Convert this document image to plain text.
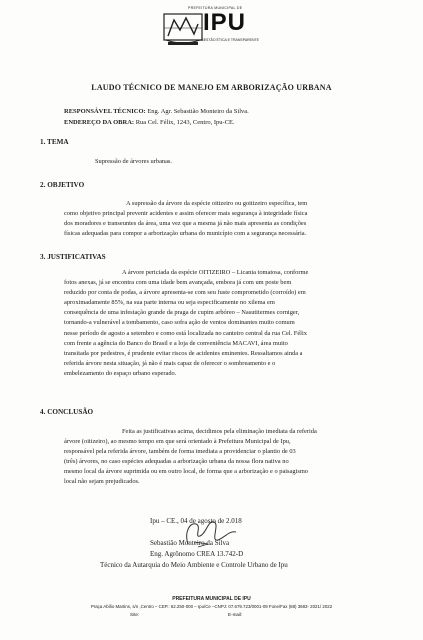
PREFEITURA MUNICIPAL DE
IPU
GESTÃO ÉTICA E TRANSPARENTE
LAUDO TÉCNICO DE MANEJO EM ARBORIZAÇÃO URBANA
RESPONSÁVEL TÉCNICO: Eng. Agr. Sebastião Monteiro da Silva.
ENDEREÇO DA OBRA: Rua Cel. Félix, 1243, Centro, Ipu-CE.
1. TEMA
Supressão de árvores urbanas.
2. OBJETIVO
A supressão da árvore da espécie oitizeiro ou goitizeiro específica, tem
como objetivo principal prevenir acidentes e assim oferecer mais segurança à integridade física
dos moradores e transeuntes da área, uma vez que a mesma já não mais apresenta as condições
físicas adequadas para compor a arborização urbana do município com a segurança necessária.
3. JUSTIFICATIVAS
A árvore periciada da espécie OITIZEIRO – Licania tomatosa, conforme
fotos anexas, já se encontra com uma idade bem avançada, embora já com um poste bem
reduzido por conta de podas, a árvore apresenta-se com seu fuste comprometido (corroído) em
aproximadamente 85%, na sua parte interna ou seja especificamente no xilema em
consequência de uma infestação grande da praga de cupim arbóreo – Nasutitermes corniger,
tornando-a vulnerável a tombamento, caso sofra ação de ventos dominantes muito comum
nesse período de agosto a setembro e como está localizada no canteiro central da rua Cel. Félix
com frente a agência do Banco do Brasil e a loja de conveniência MACAVI, área muito
transitada por pedestres, é prudente evitar riscos de acidentes eminentes. Ressaltamos ainda a
referida árvore nesta situação, já não é mais capaz de oferecer o sombreamento e o
embelezamento do espaço urbano esperado.
4. CONCLUSÃO
Feita as justificativas acima, decidimos pela eliminação imediata da referida
árvore (oitizeiro), ao mesmo tempo em que será orientado à Prefeitura Municipal de Ipu,
responsável pela referida árvore, também de forma imediata a providenciar o plantio de 03
(três) árvores, no caso espécies adequadas a arborização urbana da nossa flora nativa no
mesmo local da árvore suprimida ou em outro local, de forma que a arborização e o paisagismo
local não sejam prejudicados.
Ipu – CE., 04 de agosto de 2.018
Sebastião Monteiro da Silva
Eng. Agrônomo CREA 13.742-D
Técnico da Autarquia do Meio Ambiente e Controle Urbano de Ipu
PREFEITURA MUNICIPAL DE IPU
Praça Abílio Martins, s/n ,Centro – CEP.: 62.250-000 – Ipu/Ce –CNPJ: 07.679.723/0001-09 Fone/Fax (88) 3683- 2021/ 2022
Site:	E-mail:
